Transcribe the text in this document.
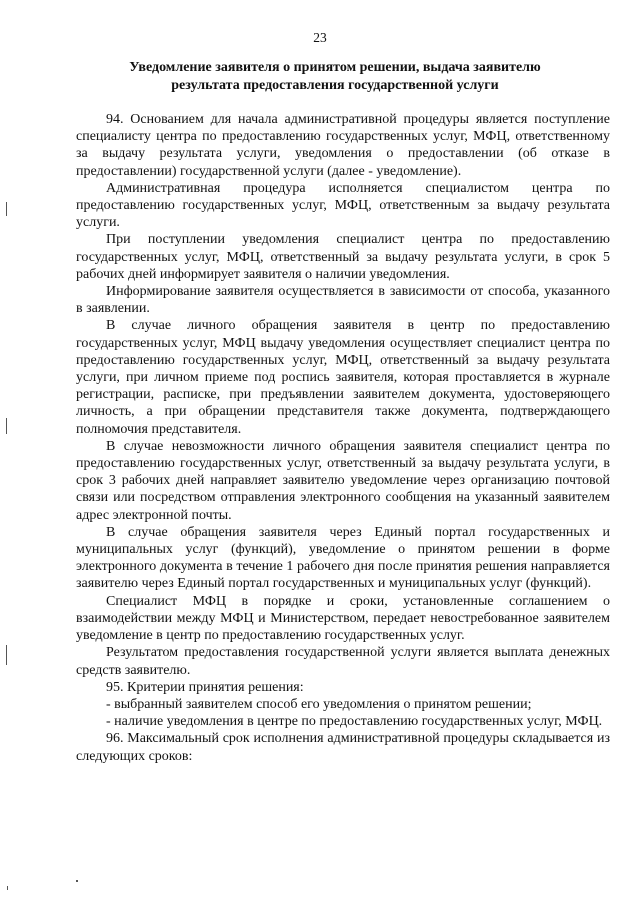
23
Уведомление заявителя о принятом решении, выдача заявителю результата предоставления государственной услуги

94. Основанием для начала административной процедуры является поступление специалисту центра по предоставлению государственных услуг, МФЦ, ответственному за выдачу результата услуги, уведомления о предоставлении (об отказе в предоставлении) государственной услуги (далее - уведомление).

Административная процедура исполняется специалистом центра по предоставлению государственных услуг, МФЦ, ответственным за выдачу результата услуги.

При поступлении уведомления специалист центра по предоставлению государственных услуг, МФЦ, ответственный за выдачу результата услуги, в срок 5 рабочих дней информирует заявителя о наличии уведомления.

Информирование заявителя осуществляется в зависимости от способа, указанного в заявлении.

В случае личного обращения заявителя в центр по предоставлению государственных услуг, МФЦ выдачу уведомления осуществляет специалист центра по предоставлению государственных услуг, МФЦ, ответственный за выдачу результата услуги, при личном приеме под роспись заявителя, которая проставляется в журнале регистрации, расписке, при предъявлении заявителем документа, удостоверяющего личность, а при обращении представителя также документа, подтверждающего полномочия представителя.

В случае невозможности личного обращения заявителя специалист центра по предоставлению государственных услуг, ответственный за выдачу результата услуги, в срок 3 рабочих дней направляет заявителю уведомление через организацию почтовой связи или посредством отправления электронного сообщения на указанный заявителем адрес электронной почты.

В случае обращения заявителя через Единый портал государственных и муниципальных услуг (функций), уведомление о принятом решении в форме электронного документа в течение 1 рабочего дня после принятия решения направляется заявителю через Единый портал государственных и муниципальных услуг (функций).

Специалист МФЦ в порядке и сроки, установленные соглашением о взаимодействии между МФЦ и Министерством, передает невостребованное заявителем уведомление в центр по предоставлению государственных услуг.

Результатом предоставления государственной услуги является выплата денежных средств заявителю.

95. Критерии принятия решения:

- выбранный заявителем способ его уведомления о принятом решении;

- наличие уведомления в центре по предоставлению государственных услуг, МФЦ.

96. Максимальный срок исполнения административной процедуры складывается из следующих сроков:
